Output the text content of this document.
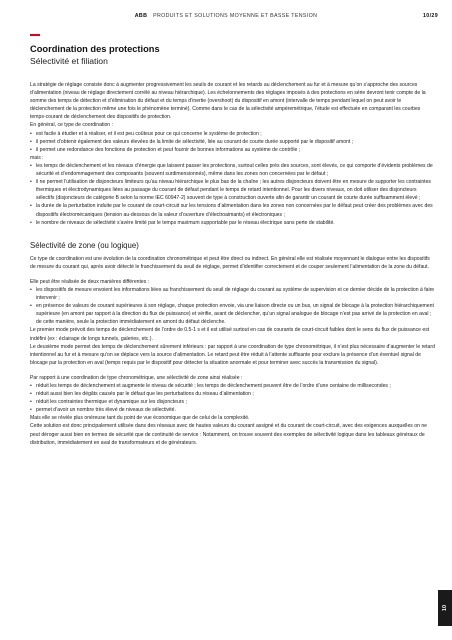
ABB PRODUITS ET SOLUTIONS MOYENNE ET BASSE TENSION	10/29
Coordination des protections
Sélectivité et filiation

La stratégie de réglage consiste donc à augmenter progressivement les seuils de courant et les retards au déclenchement au fur et à mesure qu’on s’approche des sources d’alimentation (niveau de réglage directement corrélé au niveau hiérarchique). Les échelonnements des réglages imposés à des protections en série devront tenir compte de la somme des temps de détection et d’élimination du défaut et du temps d’inertie (overshoot) du dispositif en amont (intervalle de temps pendant lequel on peut avoir le déclenchement de la protection même une fois le phénomène terminé). Comme dans le cas de la sélectivité ampèremétrique, l’étude est effectuée en comparant les courbes temps-courant de déclenchement des dispositifs de protection.

En général, ce type de coordination :

• est facile à étudier et à réaliser, et il est peu coûteux pour ce qui concerne le système de protection ;
• il permet d’obtenir également des valeurs élevées de la limite de sélectivité, liée au courant de courte durée supporté par le dispositif amont ;
• il permet une redondance des fonctions de protection et peut fournir de bonnes informations au système de contrôle ;

mais :

• les temps de déclenchement et les niveaux d’énergie que laissent passer les protections, surtout celles près des sources, sont élevés, ce qui comporte d’évidents problèmes de sécurité et d’endommagement des composants (souvent surdimensionnés), même dans les zones non concernées par le défaut ;
• il ne permet l’utilisation de disjoncteurs limiteurs qu’au niveau hiérarchique le plus bas de la chaîne ; les autres disjoncteurs doivent être en mesure de supporter les contraintes thermiques et électrodynamiques liées au passage du courant de défaut pendant le temps de retard intentionnel. Pour les divers niveaux, on doit utiliser des disjoncteurs sélectifs (disjoncteurs de catégorie B selon la norme IEC 60947-2) souvent de type à construction ouverte afin de garantir un courant de courte durée suffisamment élevé ;
• la durée de la perturbation induite par le courant de court-circuit sur les tensions d’alimentation dans les zones non concernées par le défaut peut créer des problèmes avec des dispositifs électromécaniques (tension au-dessous de la valeur d’ouverture d’électroaimants) et électroniques ;
• le nombre de niveaux de sélectivité s’avère limité par le temps maximum supportable par le réseau électrique sans perte de stabilité.
Sélectivité de zone (ou logique)

Ce type de coordination est une évolution de la coordination chronométrique et peut être direct ou indirect. En général elle est réalisée moyennant le dialogue entre les dispositifs de mesure du courant qui, après avoir détecté le franchissement du seuil de réglage, permet d’identifier correctement et de couper seulement l’alimentation de la zone du défaut.

Elle peut être réalisée de deux manières différentes :

• les dispositifs de mesure envoient les informations liées au franchissement du seuil de réglage du courant au système de supervision et ce dernier décide de la protection à faire intervenir ;
• en présence de valeurs de courant supérieures à son réglage, chaque protection envoie, via une liaison directe ou un bus, un signal de blocage à la protection hiérarchiquement supérieure (en amont par rapport à la direction du flux de puissance) et vérifie, avant de déclencher, qu’un signal analogue de blocage n’est pas arrivé de la protection en aval ; de cette manière, seule la protection immédiatement en amont du défaut déclenche.

Le premier mode prévoit des temps de déclenchement de l’ordre de 0.5-1 s et il est utilisé surtout en cas de courants de court-circuit faibles dont le sens du flux de puissance est indéfini (ex : éclairage de longs tunnels, galeries, etc.).

Le deuxième mode permet des temps de déclenchement sûrement inférieurs : par rapport à une coordination de type chronométrique, il n’est plus nécessaire d’augmenter le retard intentionnel au fur et à mesure qu’on se déplace vers la source d’alimentation. Le retard peut être réduit à l’attente suffisante pour exclure la présence d’un éventuel signal de blocage par la protection en aval (temps requis par le dispositif pour détecter la situation anormale et pour terminer avec succès la transmission du signal).

Par rapport à une coordination de type chronométrique, une sélectivité de zone ainsi réalisée :

• réduit les temps de déclenchement et augmente le niveau de sécurité ; les temps de déclenchement peuvent être de l’ordre d’une centaine de millisecondes ;
• réduit aussi bien les dégâts causés par le défaut que les perturbations du réseau d’alimentation ;
• réduit les contraintes thermique et dynamique sur les disjoncteurs ;
• permet d’avoir un nombre très élevé de niveaux de sélectivité.

Mais elle se révèle plus onéreuse tant du point de vue économique que de celui de la complexité.

Cette solution est donc principalement utilisée dans des réseaux avec de hautes valeurs du courant assigné et du courant de court-circuit, avec des exigences auxquelles on ne peut déroger aussi bien en termes de sécurité que de continuité de service : Notamment, on trouve souvent des exemples de sélectivité logique dans les tableaux généraux de distribution, immédiatement en aval de transformateurs et de générateurs.

10
